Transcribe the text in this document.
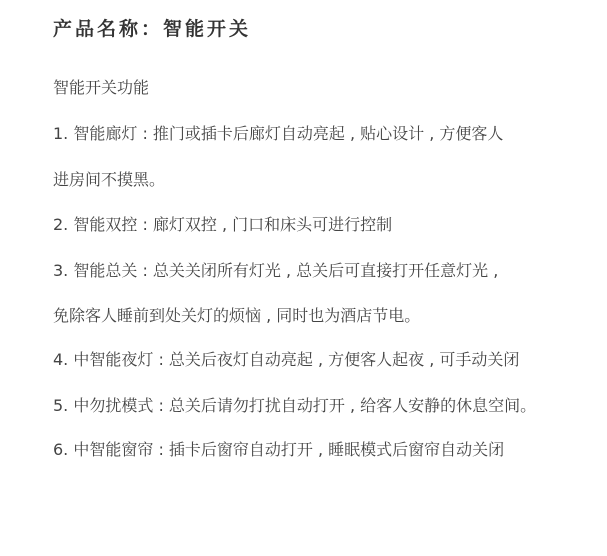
产品名称：智能开关
智能开关功能
1. 智能廊灯 : 推门或插卡后廊灯自动亮起 , 贴心设计 , 方便客人
进房间不摸黑。
2. 智能双控 : 廊灯双控 , 门口和床头可进行控制
3. 智能总关 : 总关关闭所有灯光 , 总关后可直接打开任意灯光 ,
免除客人睡前到处关灯的烦恼 , 同时也为酒店节电。
4. 中智能夜灯 : 总关后夜灯自动亮起 , 方便客人起夜 , 可手动关闭
5. 中勿扰模式 : 总关后请勿打扰自动打开 , 给客人安静的休息空间。
6. 中智能窗帘 : 插卡后窗帘自动打开 , 睡眠模式后窗帘自动关闭
